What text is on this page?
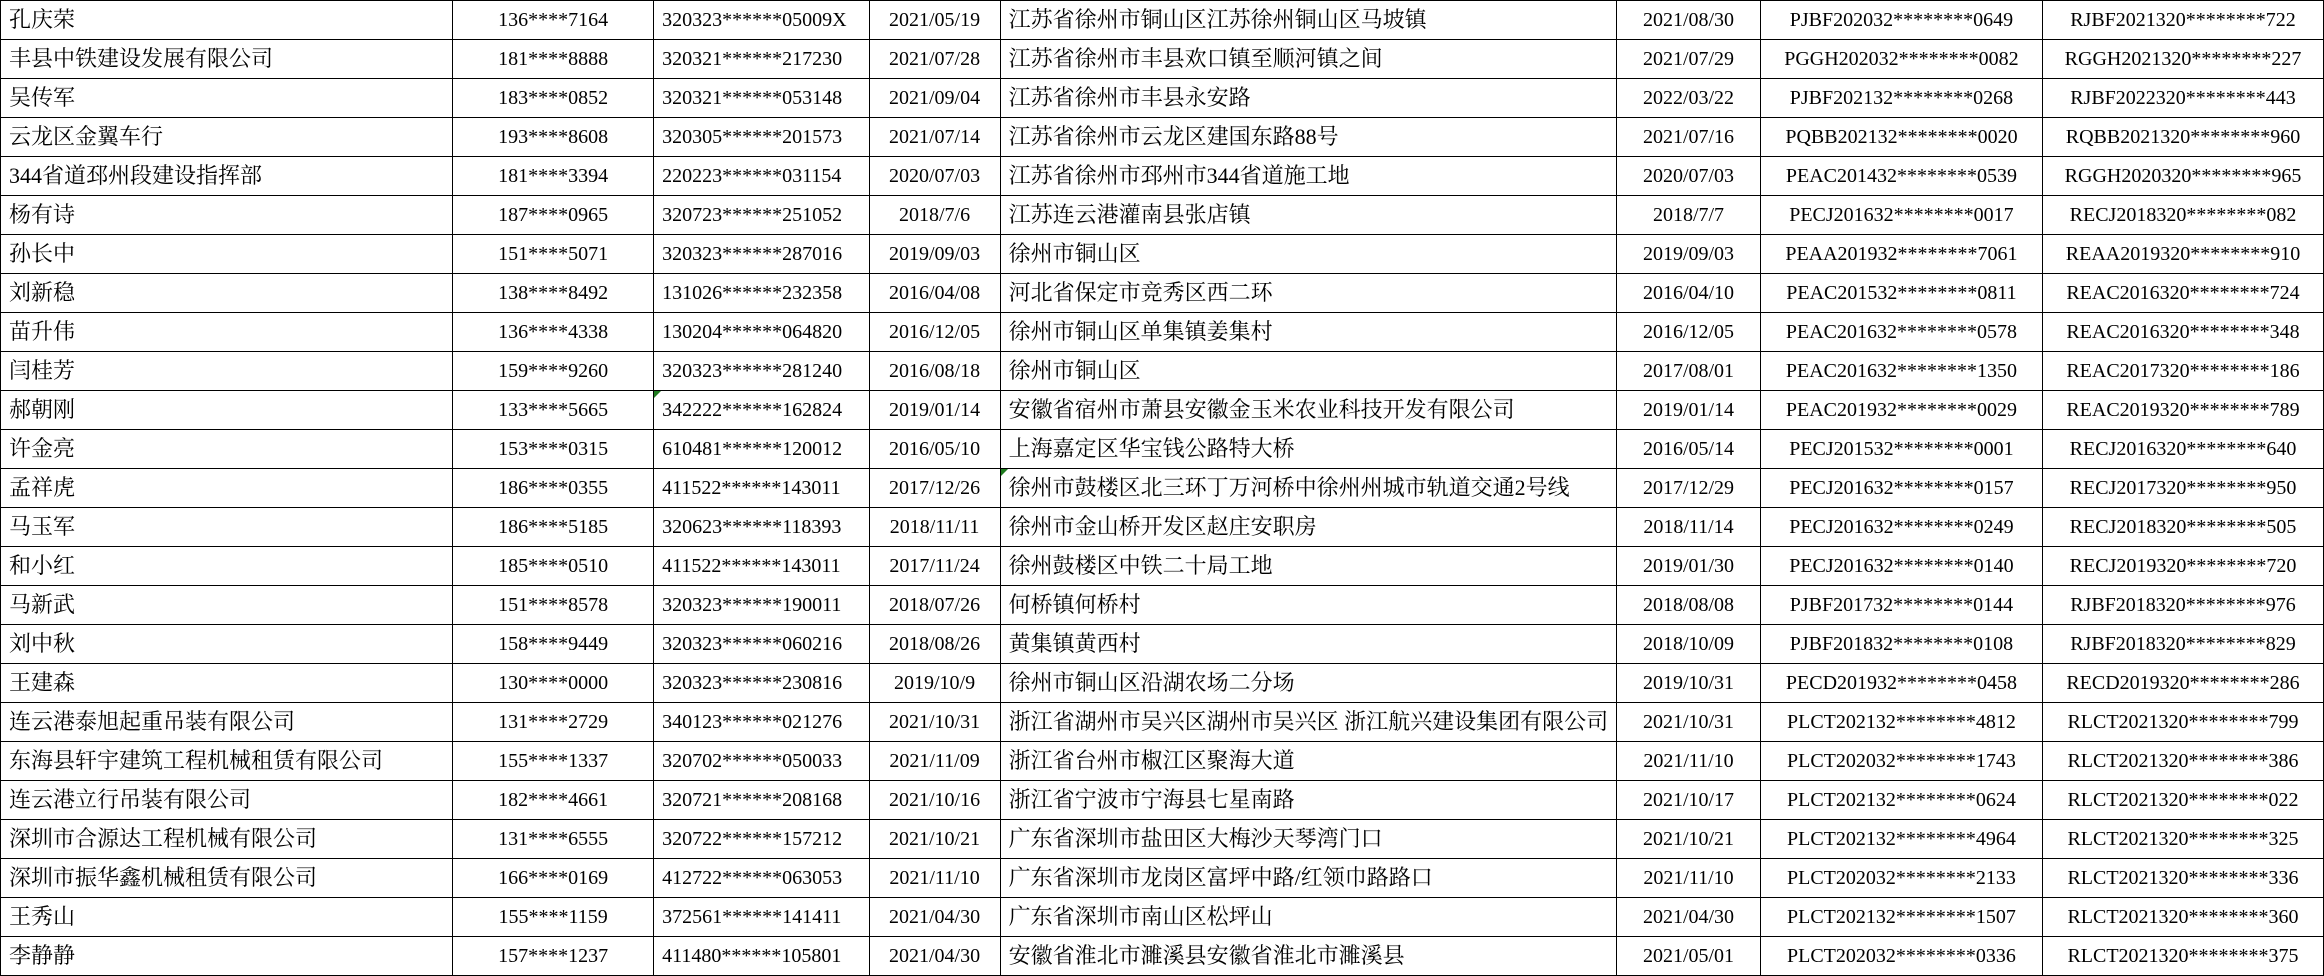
孔庆荣	136****7164	320323******05009X	2021/05/19	江苏省徐州市铜山区江苏徐州铜山区马坡镇	2021/08/30	PJBF202032********0649	RJBF2021320********722
丰县中铁建设发展有限公司	181****8888	320321******217230	2021/07/28	江苏省徐州市丰县欢口镇至顺河镇之间	2021/07/29	PGGH202032********0082	RGGH2021320********227
吴传军	183****0852	320321******053148	2021/09/04	江苏省徐州市丰县永安路	2022/03/22	PJBF202132********0268	RJBF2022320********443
云龙区金翼车行	193****8608	320305******201573	2021/07/14	江苏省徐州市云龙区建国东路88号	2021/07/16	PQBB202132********0020	RQBB2021320********960
344省道邳州段建设指挥部	181****3394	220223******031154	2020/07/03	江苏省徐州市邳州市344省道施工地	2020/07/03	PEAC201432********0539	RGGH2020320********965
杨有诗	187****0965	320723******251052	2018/7/6	江苏连云港灌南县张店镇	2018/7/7	PECJ201632********0017	RECJ2018320********082
孙长中	151****5071	320323******287016	2019/09/03	徐州市铜山区	2019/09/03	PEAA201932********7061	REAA2019320********910
刘新稳	138****8492	131026******232358	2016/04/08	河北省保定市竞秀区西二环	2016/04/10	PEAC201532********0811	REAC2016320********724
苗升伟	136****4338	130204******064820	2016/12/05	徐州市铜山区单集镇姜集村	2016/12/05	PEAC201632********0578	REAC2016320********348
闫桂芳	159****9260	320323******281240	2016/08/18	徐州市铜山区	2017/08/01	PEAC201632********1350	REAC2017320********186
郝朝刚	133****5665	342222******162824	2019/01/14	安徽省宿州市萧县安徽金玉米农业科技开发有限公司	2019/01/14	PEAC201932********0029	REAC2019320********789
许金亮	153****0315	610481******120012	2016/05/10	上海嘉定区华宝钱公路特大桥	2016/05/14	PECJ201532********0001	RECJ2016320********640
孟祥虎	186****0355	411522******143011	2017/12/26	徐州市鼓楼区北三环丁万河桥中徐州州城市轨道交通2号线	2017/12/29	PECJ201632********0157	RECJ2017320********950
马玉军	186****5185	320623******118393	2018/11/11	徐州市金山桥开发区赵庄安职房	2018/11/14	PECJ201632********0249	RECJ2018320********505
和小红	185****0510	411522******143011	2017/11/24	徐州鼓楼区中铁二十局工地	2019/01/30	PECJ201632********0140	RECJ2019320********720
马新武	151****8578	320323******190011	2018/07/26	何桥镇何桥村	2018/08/08	PJBF201732********0144	RJBF2018320********976
刘中秋	158****9449	320323******060216	2018/08/26	黄集镇黄西村	2018/10/09	PJBF201832********0108	RJBF2018320********829
王建森	130****0000	320323******230816	2019/10/9	徐州市铜山区沿湖农场二分场	2019/10/31	PECD201932********0458	RECD2019320********286
连云港泰旭起重吊装有限公司	131****2729	340123******021276	2021/10/31	浙江省湖州市吴兴区湖州市吴兴区 浙江航兴建设集团有限公司	2021/10/31	PLCT202132********4812	RLCT2021320********799
东海县轩宇建筑工程机械租赁有限公司	155****1337	320702******050033	2021/11/09	浙江省台州市椒江区聚海大道	2021/11/10	PLCT202032********1743	RLCT2021320********386
连云港立行吊装有限公司	182****4661	320721******208168	2021/10/16	浙江省宁波市宁海县七星南路	2021/10/17	PLCT202132********0624	RLCT2021320********022
深圳市合源达工程机械有限公司	131****6555	320722******157212	2021/10/21	广东省深圳市盐田区大梅沙天琴湾门口	2021/10/21	PLCT202132********4964	RLCT2021320********325
深圳市振华鑫机械租赁有限公司	166****0169	412722******063053	2021/11/10	广东省深圳市龙岗区富坪中路/红领巾路路口	2021/11/10	PLCT202032********2133	RLCT2021320********336
王秀山	155****1159	372561******141411	2021/04/30	广东省深圳市南山区松坪山	2021/04/30	PLCT202132********1507	RLCT2021320********360
李静静	157****1237	411480******105801	2021/04/30	安徽省淮北市濉溪县安徽省淮北市濉溪县	2021/05/01	PLCT202032********0336	RLCT2021320********375
